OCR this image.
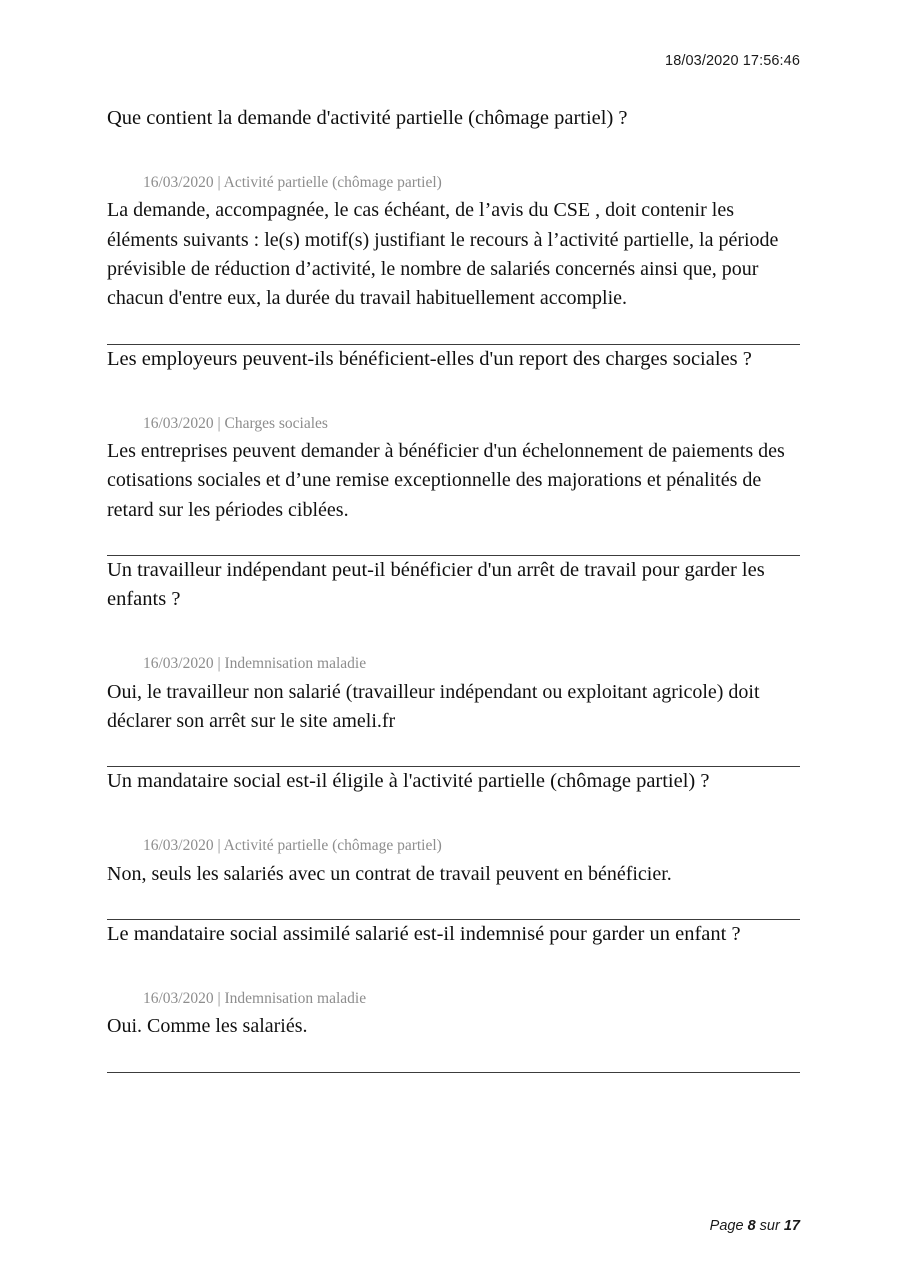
18/03/2020 17:56:46

Que contient la demande d'activité partielle (chômage partiel) ?

16/03/2020 | Activité partielle (chômage partiel)

La demande, accompagnée, le cas échéant, de l’avis du CSE , doit contenir les éléments suivants : le(s) motif(s) justifiant le recours à l’activité partielle, la période prévisible de réduction d’activité, le nombre de salariés concernés ainsi que, pour chacun d'entre eux, la durée du travail habituellement accomplie.

Les employeurs peuvent-ils bénéficient-elles d'un report des charges sociales ?

16/03/2020 | Charges sociales

Les entreprises peuvent demander à bénéficier d'un échelonnement de paiements des cotisations sociales et d’une remise exceptionnelle des majorations et pénalités de retard sur les périodes ciblées.

Un travailleur indépendant peut-il bénéficier d'un arrêt de travail pour garder les enfants ?

16/03/2020 | Indemnisation maladie

Oui, le travailleur non salarié (travailleur indépendant ou exploitant agricole) doit déclarer son arrêt sur le site ameli.fr

Un mandataire social est-il éligile à l'activité partielle (chômage partiel) ?

16/03/2020 | Activité partielle (chômage partiel)

Non, seuls les salariés avec un contrat de travail peuvent en bénéficier.

Le mandataire social assimilé salarié est-il indemnisé pour garder un enfant ?

16/03/2020 | Indemnisation maladie

Oui. Comme les salariés.

Page 8 sur 17
